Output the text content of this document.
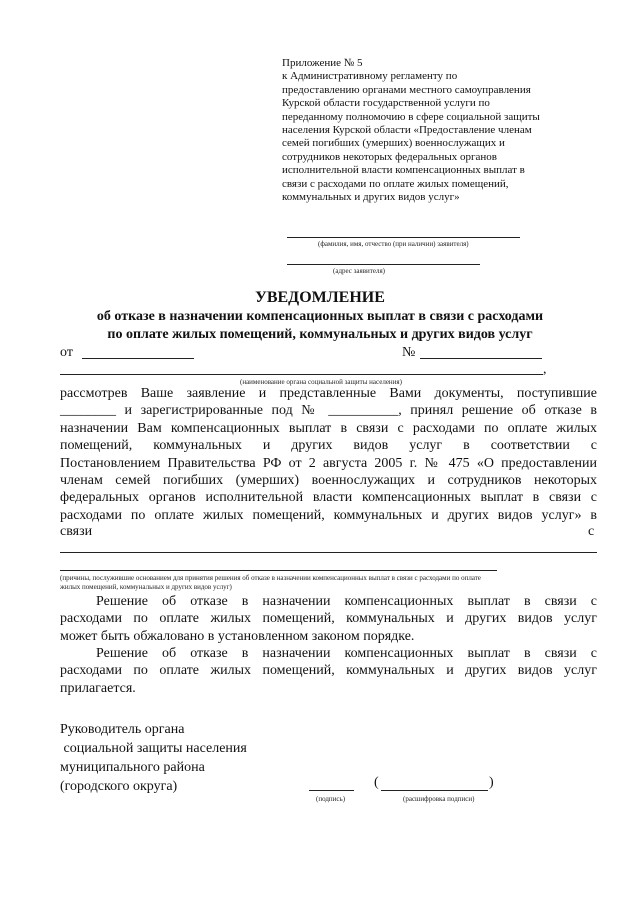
Приложение № 5
к Административному регламенту по
предоставлению органами местного самоуправления
Курской области государственной услуги по
переданному полномочию в сфере социальной защиты
населения Курской области «Предоставление членам
семей погибших (умерших) военнослужащих и
сотрудников некоторых федеральных органов
исполнительной власти компенсационных выплат в
связи с расходами по оплате жилых помещений,
коммунальных и других видов услуг»
(фамилия, имя, отчество (при наличии) заявителя)
(адрес заявителя)
УВЕДОМЛЕНИЕ
об отказе в назначении компенсационных выплат в связи с расходами
по оплате жилых помещений, коммунальных и других видов услуг
от	№
,
(наименование органа социальной защиты населения)
рассмотрев Ваше заявление и представленные Вами документы, поступившие
________ и зарегистрированные под № __________, принял решение об отказе в
назначении Вам компенсационных выплат в связи с расходами по оплате жилых
помещений, коммунальных и других видов услуг в соответствии с
Постановлением Правительства РФ от 2 августа 2005 г. № 475 «О предоставлении
членам семей погибших (умерших) военнослужащих и сотрудников некоторых
федеральных органов исполнительной власти компенсационных выплат в связи с
расходами по оплате жилых помещений, коммунальных и других видов услуг» в
связи	с
(причины, послужившие основанием для принятия решения об отказе в назначении компенсационных выплат в связи с расходами по оплате
жилых помещений, коммунальных и других видов услуг)
Решение об отказе в назначении компенсационных выплат в связи с
расходами по оплате жилых помещений, коммунальных и других видов услуг
может быть обжаловано в установленном законом порядке.
Решение об отказе в назначении компенсационных выплат в связи с
расходами по оплате жилых помещений, коммунальных и других видов услуг
прилагается.
Руководитель органа
социальной защиты населения
муниципального района
(городского округа)
(подпись)
(	)
(расшифровка подписи)
